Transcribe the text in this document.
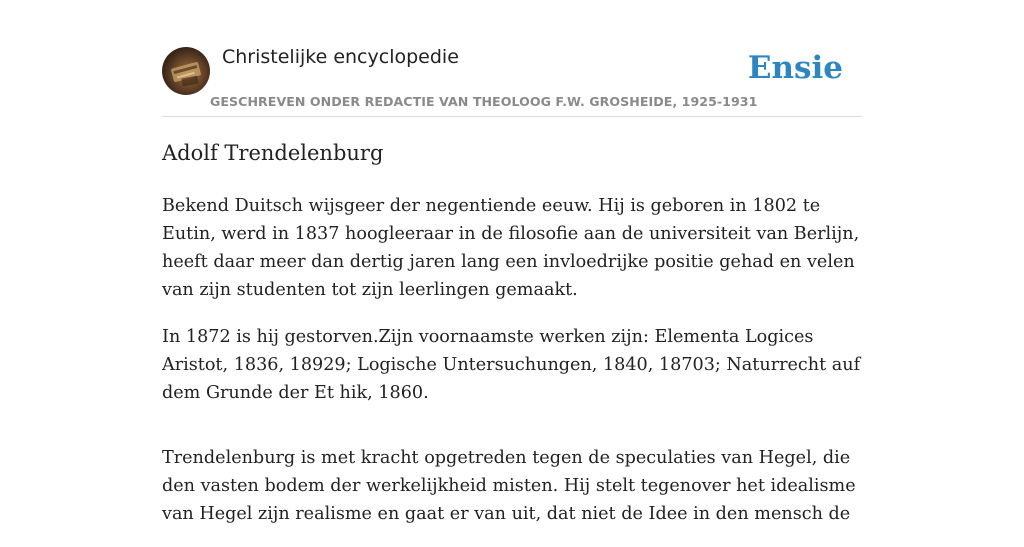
Christelijke encyclopedie
GESCHREVEN ONDER REDACTIE VAN THEOLOOG F.W. GROSHEIDE, 1925-1931
Ensie
Adolf Trendelenburg

Bekend Duitsch wijsgeer der negentiende eeuw. Hij is geboren in 1802 te Eutin, werd in 1837 hoogleeraar in de filosofie aan de universiteit van Berlijn, heeft daar meer dan dertig jaren lang een invloedrijke positie gehad en velen van zijn studenten tot zijn leerlingen gemaakt.

In 1872 is hij gestorven.Zijn voornaamste werken zijn: Elementa Logices Aristot, 1836, 18929; Logische Untersuchungen, 1840, 18703; Naturrecht auf dem Grunde der Et hik, 1860.

Trendelenburg is met kracht opgetreden tegen de speculaties van Hegel, die den vasten bodem der werkelijkheid misten. Hij stelt tegenover het idealisme van Hegel zijn realisme en gaat er van uit, dat niet de Idee in den mensch de
